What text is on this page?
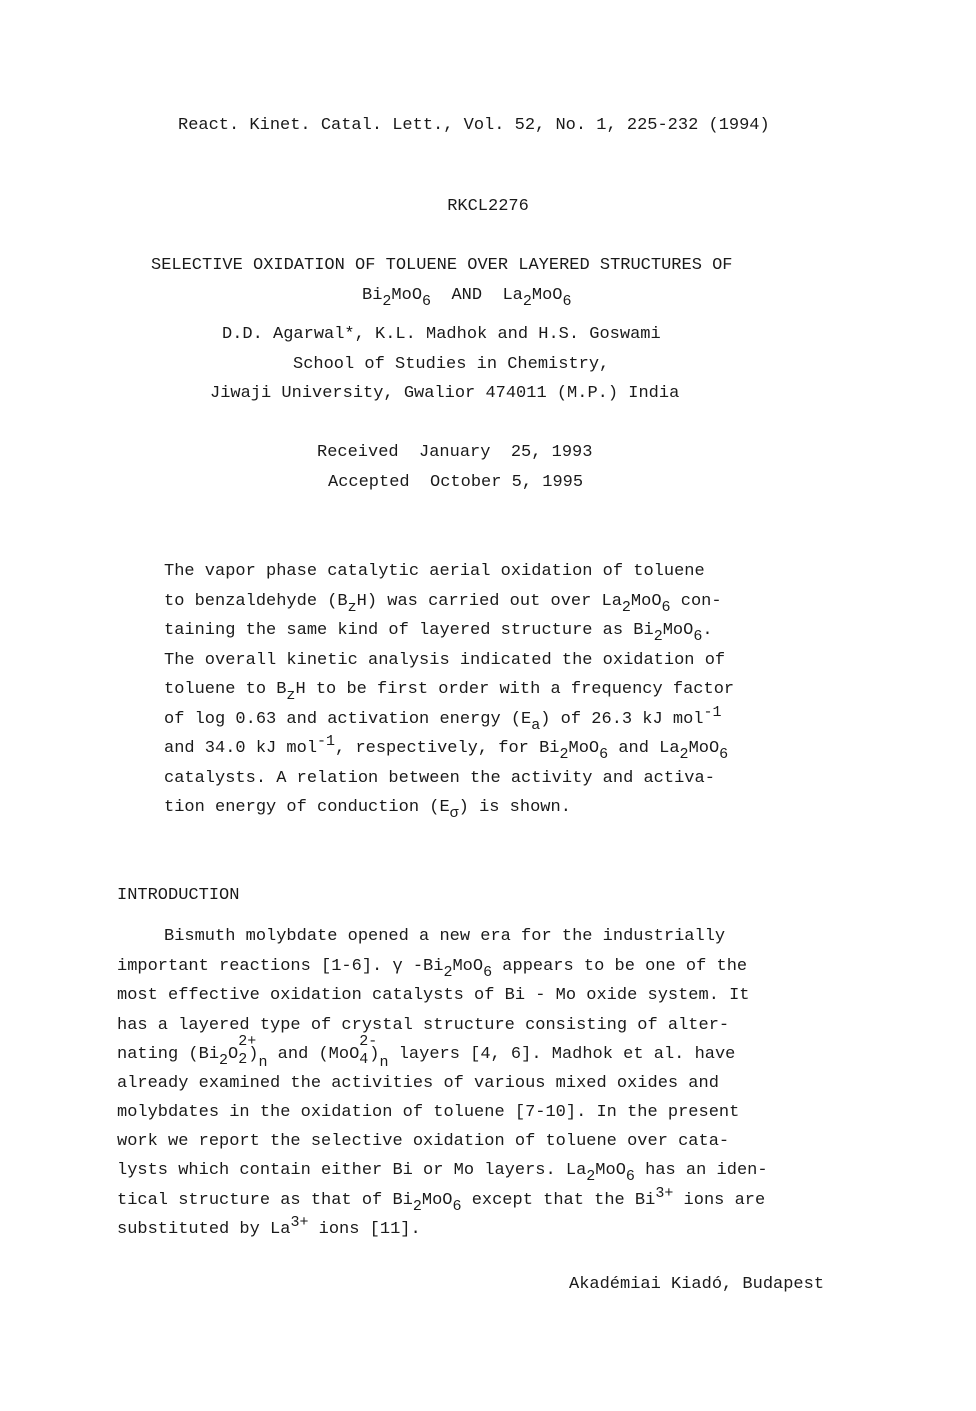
React. Kinet. Catal. Lett., Vol. 52, No. 1, 225-232 (1994)
RKCL2276
SELECTIVE OXIDATION OF TOLUENE OVER LAYERED STRUCTURES OF
$Bi_2MoO_6$ AND $La_2MoO_6$
D.D. Agarwal*, K.L. Madhok and H.S. Goswami
School of Studies in Chemistry,
Jiwaji University, Gwalior 474011 (M.P.) India
Received January  25, 1993
Accepted October 5, 1995
The vapor phase catalytic aerial oxidation of toluene
to benzaldehyde $(B_zH)$ was carried out over $La_2MoO_6$ con-
taining the same kind of layered structure as $Bi_2MoO_6$.
The overall kinetic analysis indicated the oxidation of
toluene to $B_zH$ to be first order with a frequency factor
of log 0.63 and activation energy $(E_a)$ of 26.3 kJ mol$^{-1}$
and 34.0 kJ mol$^{-1}$, respectively, for $Bi_2MoO_6$ and $La_2MoO_6$
catalysts. A relation between the activity and activa-
tion energy of conduction $(E_\sigma)$ is shown.
INTRODUCTION
Bismuth molybdate opened a new era for the industrially
important reactions [1-6]. γ $-Bi_2MoO_6$ appears to be one of the
most effective oxidation catalysts of Bi - Mo oxide system. It
has a layered type of crystal structure consisting of alter-
nating ($Bi_2O$
2+
2 )$_n$ and (MoO
2-
4 )$_n$ layers [4, 6]. Madhok et al. have
already examined the activities of various mixed oxides and
molybdates in the oxidation of toluene [7-10]. In the present
work we report the selective oxidation of toluene over cata-
lysts which contain either Bi or Mo layers. $La_2MoO_6$ has an iden-
tical structure as that of $Bi_2MoO_6$ except that the $Bi^{3+}$ ions are
substituted by $La^{3+}$ ions [11].
Akadémiai Kiadó, Budapest
